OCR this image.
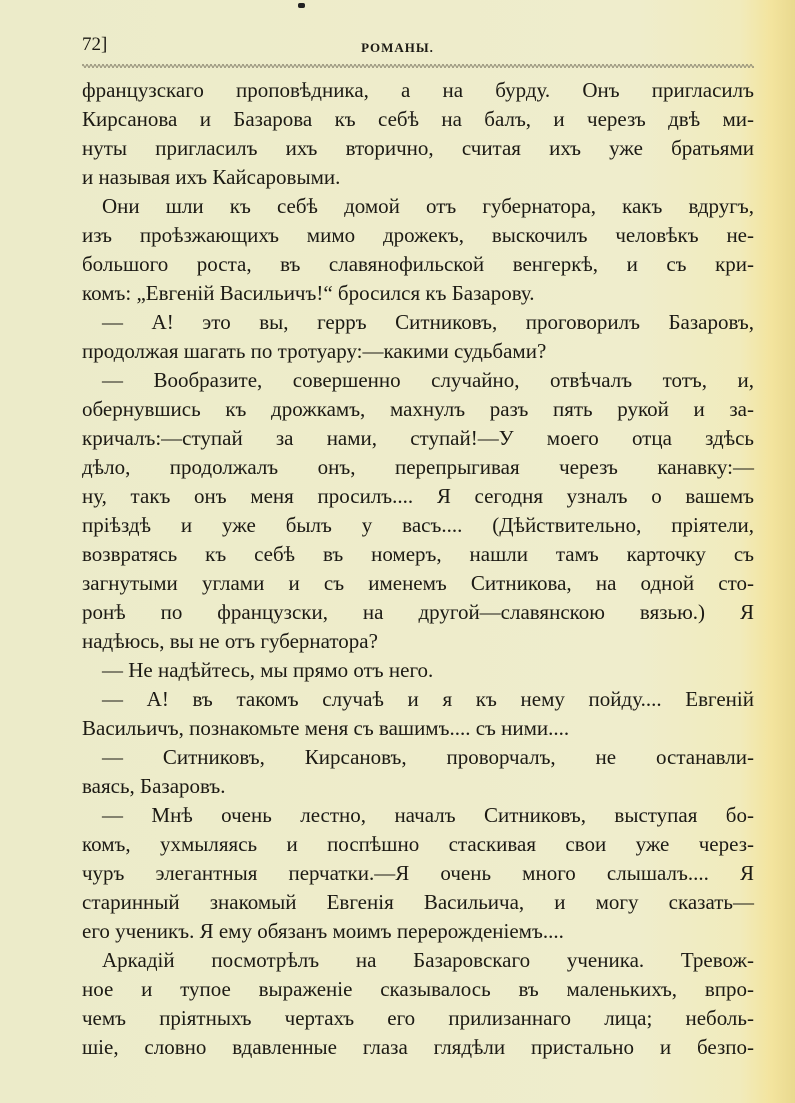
72]	РОМАНЫ.
французскаго проповѣдника, а на бурду. Онъ пригласилъ
Кирсанова и Базарова къ себѣ на балъ, и черезъ двѣ ми-
нуты пригласилъ ихъ вторично, считая ихъ уже братьями
и называя ихъ Кайсаровыми.
Они шли къ себѣ домой отъ губернатора, какъ вдругъ,
изъ проѣзжающихъ мимо дрожекъ, выскочилъ человѣкъ не-
большого роста, въ славянофильской венгеркѣ, и съ кри-
комъ: „Евгеній Васильичъ!“ бросился къ Базарову.
— А! это вы, герръ Ситниковъ, проговорилъ Базаровъ,
продолжая шагать по тротуару:—какими судьбами?
— Вообразите, совершенно случайно, отвѣчалъ тотъ, и,
обернувшись къ дрожкамъ, махнулъ разъ пять рукой и за-
кричалъ:—ступай за нами, ступай!—У моего отца здѣсь
дѣло, продолжалъ онъ, перепрыгивая черезъ канавку:—
ну, такъ онъ меня просилъ.... Я сегодня узналъ о вашемъ
пріѣздѣ и уже былъ у васъ.... (Дѣйствительно, пріятели,
возвратясь къ себѣ въ номеръ, нашли тамъ карточку съ
загнутыми углами и съ именемъ Ситникова, на одной сто-
ронѣ по французски, на другой—славянскою вязью.) Я
надѣюсь, вы не отъ губернатора?
— Не надѣйтесь, мы прямо отъ него.
— А! въ такомъ случаѣ и я къ нему пойду.... Евгеній
Васильичъ, познакомьте меня съ вашимъ.... съ ними....
— Ситниковъ, Кирсановъ, проворчалъ, не останавли-
ваясь, Базаровъ.
— Мнѣ очень лестно, началъ Ситниковъ, выступая бо-
комъ, ухмыляясь и поспѣшно стаскивая свои уже через-
чуръ элегантныя перчатки.—Я очень много слышалъ.... Я
старинный знакомый Евгенія Васильича, и могу сказать—
его ученикъ. Я ему обязанъ моимъ перерожденіемъ....
Аркадій посмотрѣлъ на Базаровскаго ученика. Тревож-
ное и тупое выраженіе сказывалось въ маленькихъ, впро-
чемъ пріятныхъ чертахъ его прилизаннаго лица; неболь-
шіе, словно вдавленные глаза глядѣли пристально и безпо-
